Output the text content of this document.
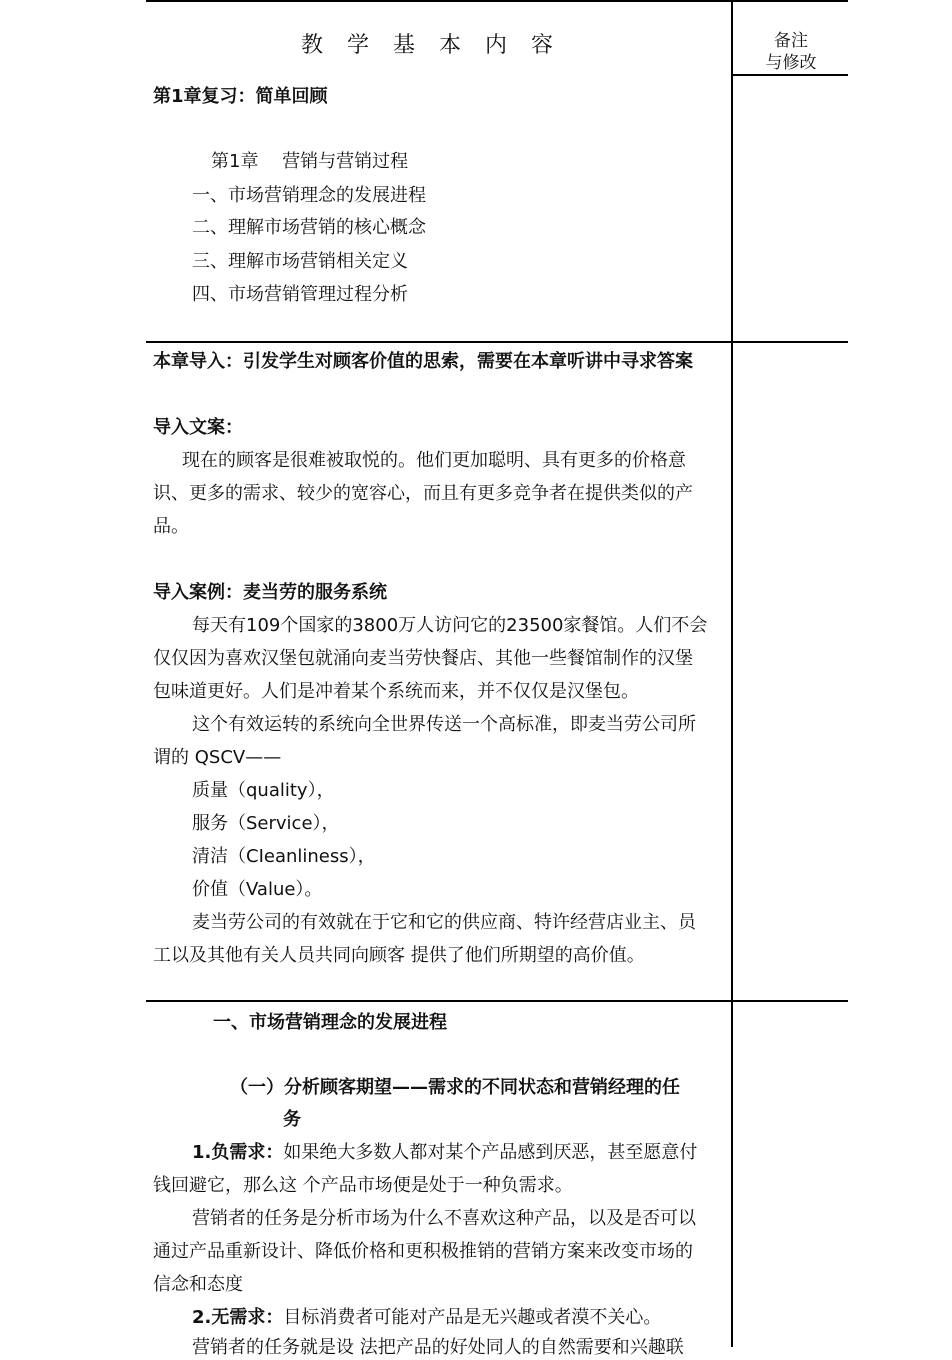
教学基本内容	备注
与修改
第1章复习：简单回顾
第1章　 营销与营销过程
一、市场营销理念的发展进程
二、理解市场营销的核心概念
三、理解市场营销相关定义
四、市场营销管理过程分析
本章导入：引发学生对顾客价值的思索，需要在本章听讲中寻求答案
导入文案：
现在的顾客是很难被取悦的。他们更加聪明、具有更多的价格意
识、更多的需求、较少的宽容心，而且有更多竞争者在提供类似的产
品。
导入案例：麦当劳的服务系统
每天有109个国家的3800万人访问它的23500家餐馆。人们不会
仅仅因为喜欢汉堡包就涌向麦当劳快餐店、其他一些餐馆制作的汉堡
包味道更好。人们是冲着某个系统而来，并不仅仅是汉堡包。
这个有效运转的系统向全世界传送一个高标准，即麦当劳公司所
谓的 QSCV——
质量（quality），
服务（Service），
清洁（CIeanliness），
价值（Value）。
麦当劳公司的有效就在于它和它的供应商、特许经营店业主、员
工以及其他有关人员共同向顾客 提供了他们所期望的高价值。
一、市场营销理念的发展进程
（一）分析顾客期望——需求的不同状态和营销经理的任
务
1.负需求：如果绝大多数人都对某个产品感到厌恶，甚至愿意付
钱回避它，那么这 个产品市场便是处于一种负需求。
营销者的任务是分析市场为什么不喜欢这种产品，以及是否可以
通过产品重新设计、降低价格和更积极推销的营销方案来改变市场的
信念和态度
2.无需求：目标消费者可能对产品是无兴趣或者漠不关心。
营销者的任务就是设 法把产品的好处同人的自然需要和兴趣联
